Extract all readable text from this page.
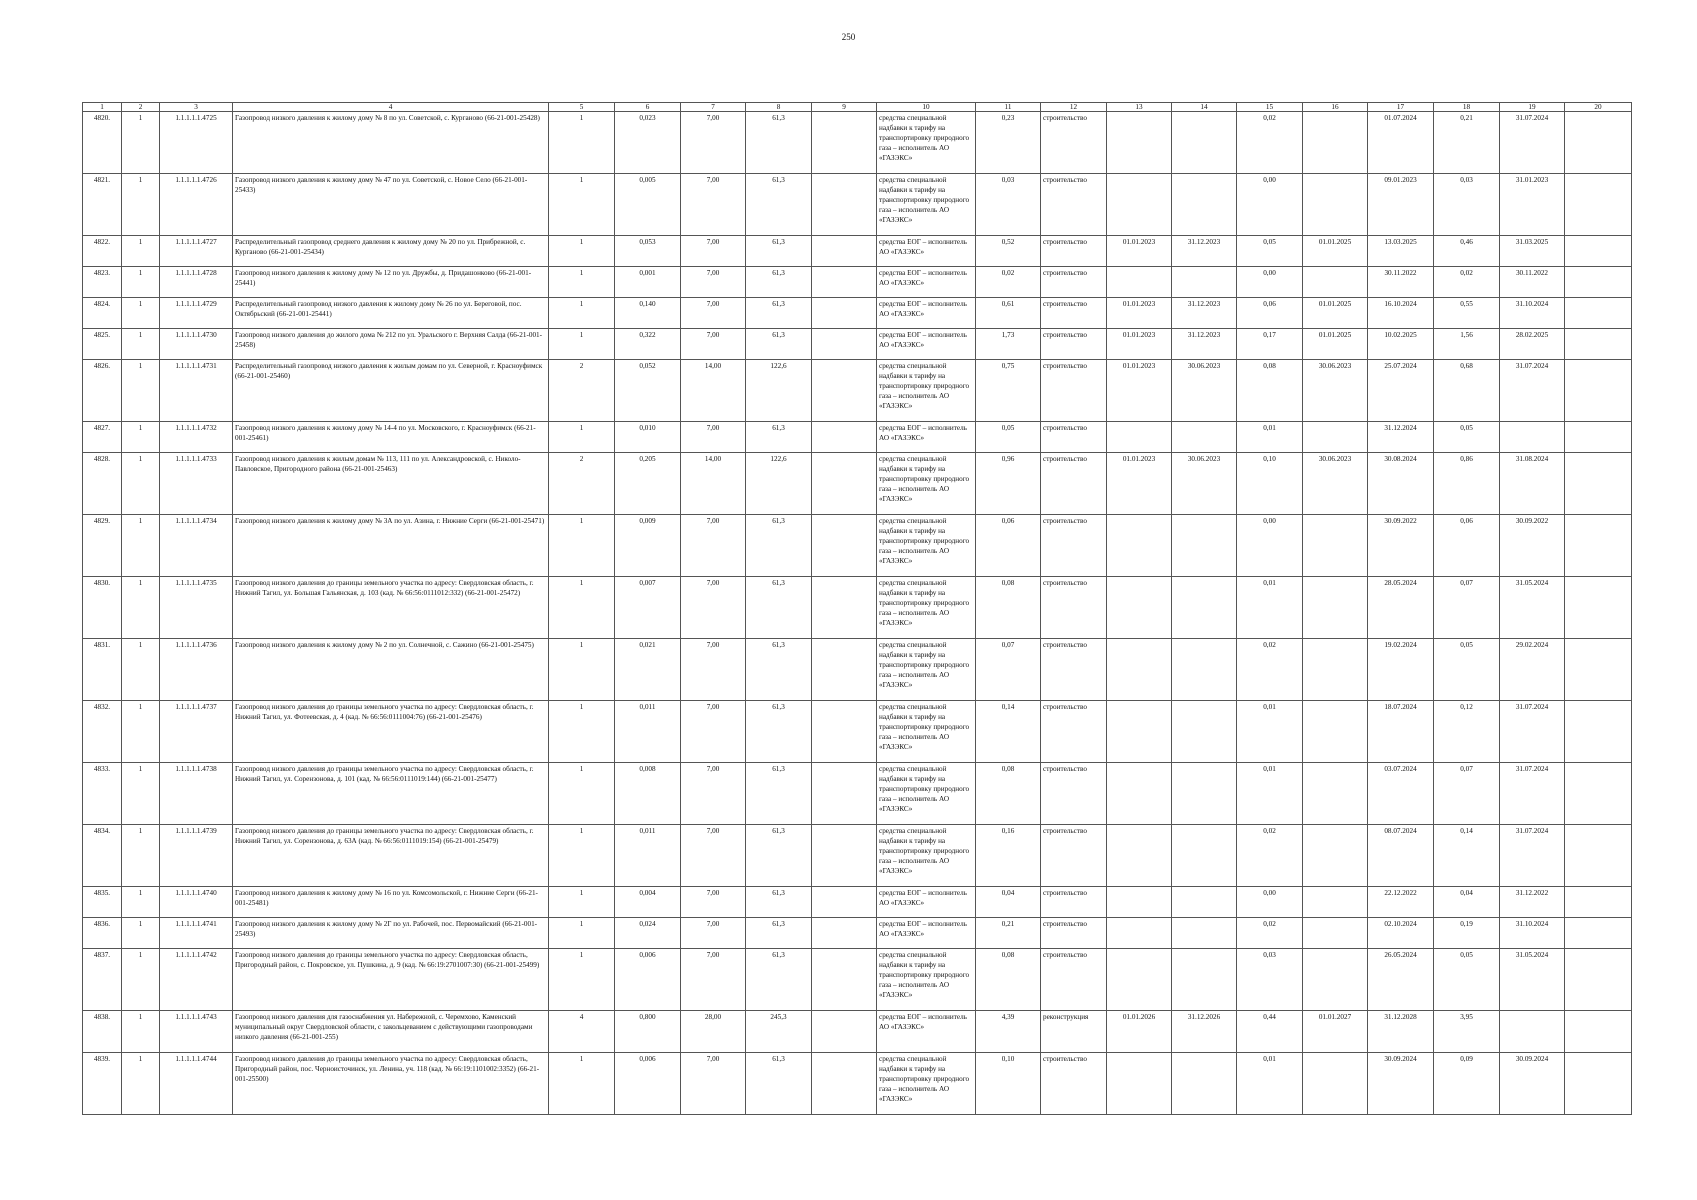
250
1	2	3	4	5	6	7	8	9	10	11	12	13	14	15	16	17	18	19	20
4820.	1	1.1.1.1.1.4725	Газопровод низкого давления к жилому дому № 8 по ул. Советской, с. Курганово (66-21-001-25428)	1	0,023	7,00	61,3		средства специальной надбавки к тарифу на транспортировку природного газа – исполнитель АО «ГАЗЭКС»	0,23	строительство			0,02		01.07.2024	0,21	31.07.2024	
4821.	1	1.1.1.1.1.4726	Газопровод низкого давления к жилому дому № 47 по ул. Советской, с. Новое Село (66-21-001-25433)	1	0,005	7,00	61,3		средства специальной надбавки к тарифу на транспортировку природного газа – исполнитель АО «ГАЗЭКС»	0,03	строительство			0,00		09.01.2023	0,03	31.01.2023	
4822.	1	1.1.1.1.1.4727	Распределительный газопровод среднего давления к жилому дому № 20 по ул. Прибрежной, с. Курганово (66-21-001-25434)	1	0,053	7,00	61,3		средства ЕОГ – исполнитель АО «ГАЗЭКС»	0,52	строительство	01.01.2023	31.12.2023	0,05	01.01.2025	13.03.2025	0,46	31.03.2025	
4823.	1	1.1.1.1.1.4728	Газопровод низкого давления к жилому дому № 12 по ул. Дружбы, д. Придашонково (66-21-001-25441)	1	0,001	7,00	61,3		средства ЕОГ – исполнитель АО «ГАЗЭКС»	0,02	строительство			0,00		30.11.2022	0,02	30.11.2022	
4824.	1	1.1.1.1.1.4729	Распределительный газопровод низкого давления к жилому дому № 26 по ул. Береговой, пос. Октябрьский (66-21-001-25441)	1	0,140	7,00	61,3		средства ЕОГ – исполнитель АО «ГАЗЭКС»	0,61	строительство	01.01.2023	31.12.2023	0,06	01.01.2025	16.10.2024	0,55	31.10.2024	
4825.	1	1.1.1.1.1.4730	Газопровод низкого давления до жилого дома № 212 по ул. Уральского г. Верхняя Салда (66-21-001-25458)	1	0,322	7,00	61,3		средства ЕОГ – исполнитель АО «ГАЗЭКС»	1,73	строительство	01.01.2023	31.12.2023	0,17	01.01.2025	10.02.2025	1,56	28.02.2025	
4826.	1	1.1.1.1.1.4731	Распределительный газопровод низкого давления к жилым домам по ул. Северной, г. Красноуфимск (66-21-001-25460)	2	0,052	14,00	122,6		средства специальной надбавки к тарифу на транспортировку природного газа – исполнитель АО «ГАЗЭКС»	0,75	строительство	01.01.2023	30.06.2023	0,08	30.06.2023	25.07.2024	0,68	31.07.2024	
4827.	1	1.1.1.1.1.4732	Газопровод низкого давления к жилому дому № 14-4 по ул. Московского, г. Красноуфимск (66-21-001-25461)	1	0,010	7,00	61,3		средства ЕОГ – исполнитель АО «ГАЗЭКС»	0,05	строительство			0,01		31.12.2024	0,05		
4828.	1	1.1.1.1.1.4733	Газопровод низкого давления к жилым домам № 113, 111 по ул. Александровской, с. Николо-Павловское, Пригородного района (66-21-001-25463)	2	0,205	14,00	122,6		средства специальной надбавки к тарифу на транспортировку природного газа – исполнитель АО «ГАЗЭКС»	0,96	строительство	01.01.2023	30.06.2023	0,10	30.06.2023	30.08.2024	0,86	31.08.2024	
4829.	1	1.1.1.1.1.4734	Газопровод низкого давления к жилому дому № 3А по ул. Азина, г. Нижние Серги (66-21-001-25471)	1	0,009	7,00	61,3		средства специальной надбавки к тарифу на транспортировку природного газа – исполнитель АО «ГАЗЭКС»	0,06	строительство			0,00		30.09.2022	0,06	30.09.2022	
4830.	1	1.1.1.1.1.4735	Газопровод низкого давления до границы земельного участка по адресу: Свердловская область, г. Нижний Тагил, ул. Большая Гальянская, д. 103 (кад. № 66:56:0111012:332) (66-21-001-25472)	1	0,007	7,00	61,3		средства специальной надбавки к тарифу на транспортировку природного газа – исполнитель АО «ГАЗЭКС»	0,08	строительство			0,01		28.05.2024	0,07	31.05.2024	
4831.	1	1.1.1.1.1.4736	Газопровод низкого давления к жилому дому № 2 по ул. Солнечной, с. Сажино (66-21-001-25475)	1	0,021	7,00	61,3		средства специальной надбавки к тарифу на транспортировку природного газа – исполнитель АО «ГАЗЭКС»	0,07	строительство			0,02		19.02.2024	0,05	29.02.2024	
4832.	1	1.1.1.1.1.4737	Газопровод низкого давления до границы земельного участка по адресу: Свердловская область, г. Нижний Тагил, ул. Фотеевская, д. 4 (кад. № 66:56:0111004:76) (66-21-001-25476)	1	0,011	7,00	61,3		средства специальной надбавки к тарифу на транспортировку природного газа – исполнитель АО «ГАЗЭКС»	0,14	строительство			0,01		18.07.2024	0,12	31.07.2024	
4833.	1	1.1.1.1.1.4738	Газопровод низкого давления до границы земельного участка по адресу: Свердловская область, г. Нижний Тагил, ул. Сорензонова, д. 101 (кад. № 66:56:0111019:144) (66-21-001-25477)	1	0,008	7,00	61,3		средства специальной надбавки к тарифу на транспортировку природного газа – исполнитель АО «ГАЗЭКС»	0,08	строительство			0,01		03.07.2024	0,07	31.07.2024	
4834.	1	1.1.1.1.1.4739	Газопровод низкого давления до границы земельного участка по адресу: Свердловская область, г. Нижний Тагил, ул. Сорензонова, д. 63А (кад. № 66:56:0111019:154) (66-21-001-25479)	1	0,011	7,00	61,3		средства специальной надбавки к тарифу на транспортировку природного газа – исполнитель АО «ГАЗЭКС»	0,16	строительство			0,02		08.07.2024	0,14	31.07.2024	
4835.	1	1.1.1.1.1.4740	Газопровод низкого давления к жилому дому № 16 по ул. Комсомольской, г. Нижние Серги (66-21-001-25481)	1	0,004	7,00	61,3		средства ЕОГ – исполнитель АО «ГАЗЭКС»	0,04	строительство			0,00		22.12.2022	0,04	31.12.2022	
4836.	1	1.1.1.1.1.4741	Газопровод низкого давления к жилому дому № 2Г по ул. Рабочей, пос. Первомайский (66-21-001-25493)	1	0,024	7,00	61,3		средства ЕОГ – исполнитель АО «ГАЗЭКС»	0,21	строительство			0,02		02.10.2024	0,19	31.10.2024	
4837.	1	1.1.1.1.1.4742	Газопровод низкого давления до границы земельного участка по адресу: Свердловская область, Пригородный район, с. Покровское, ул. Пушкина, д. 9 (кад. № 66:19:2701007:30) (66-21-001-25499)	1	0,006	7,00	61,3		средства специальной надбавки к тарифу на транспортировку природного газа – исполнитель АО «ГАЗЭКС»	0,08	строительство			0,03		26.05.2024	0,05	31.05.2024	
4838.	1	1.1.1.1.1.4743	Газопровод низкого давления для газоснабжения ул. Набережной, с. Черемхово, Каменский муниципальный округ Свердловской области, с закольцеванием с действующими газопроводами низкого давления (66-21-001-255)	4	0,800	28,00	245,3		средства ЕОГ – исполнитель АО «ГАЗЭКС»	4,39	реконструкция	01.01.2026	31.12.2026	0,44	01.01.2027	31.12.2028	3,95		
4839.	1	1.1.1.1.1.4744	Газопровод низкого давления до границы земельного участка по адресу: Свердловская область, Пригородный район, пос. Черноисточинск, ул. Ленина, уч. 118 (кад. № 66:19:1101002:3352) (66-21-001-25500)	1	0,006	7,00	61,3		средства специальной надбавки к тарифу на транспортировку природного газа – исполнитель АО «ГАЗЭКС»	0,10	строительство			0,01		30.09.2024	0,09	30.09.2024	
